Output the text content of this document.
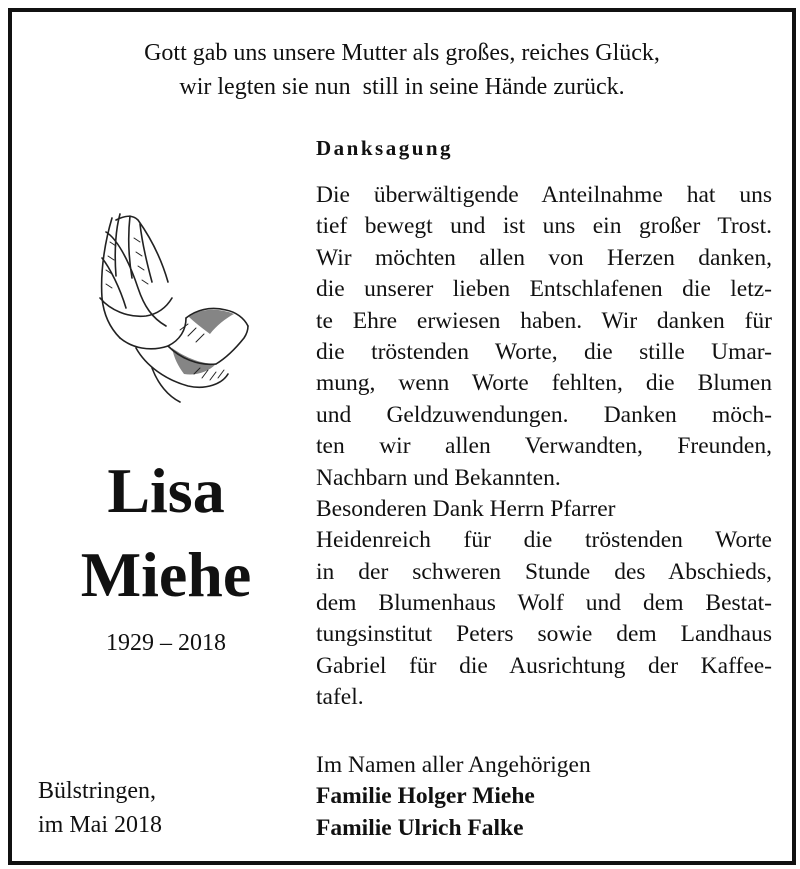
Gott gab uns unsere Mutter als großes, reiches Glück,
wir legten sie nun  still in seine Hände zurück.
Danksagung
Die überwältigende Anteilnahme hat uns
tief bewegt und ist uns ein großer Trost.
Wir möchten allen von Herzen danken,
die unserer lieben Entschlafenen die letz-
te Ehre erwiesen haben. Wir danken für
die tröstenden Worte, die stille Umar-
mung, wenn Worte fehlten, die Blumen
und Geldzuwendungen. Danken möch-
ten wir allen Verwandten, Freunden,
Nachbarn und Bekannten.
Besonderen Dank Herrn Pfarrer
Heidenreich für die tröstenden Worte
in der schweren Stunde des Abschieds,
dem Blumenhaus Wolf und dem Bestat-
tungsinstitut Peters sowie dem Landhaus
Gabriel für die Ausrichtung der Kaffee-
tafel.
Lisa
Miehe
1929 – 2018
Bülstringen,
im Mai 2018
Im Namen aller Angehörigen
Familie Holger Miehe
Familie Ulrich Falke
